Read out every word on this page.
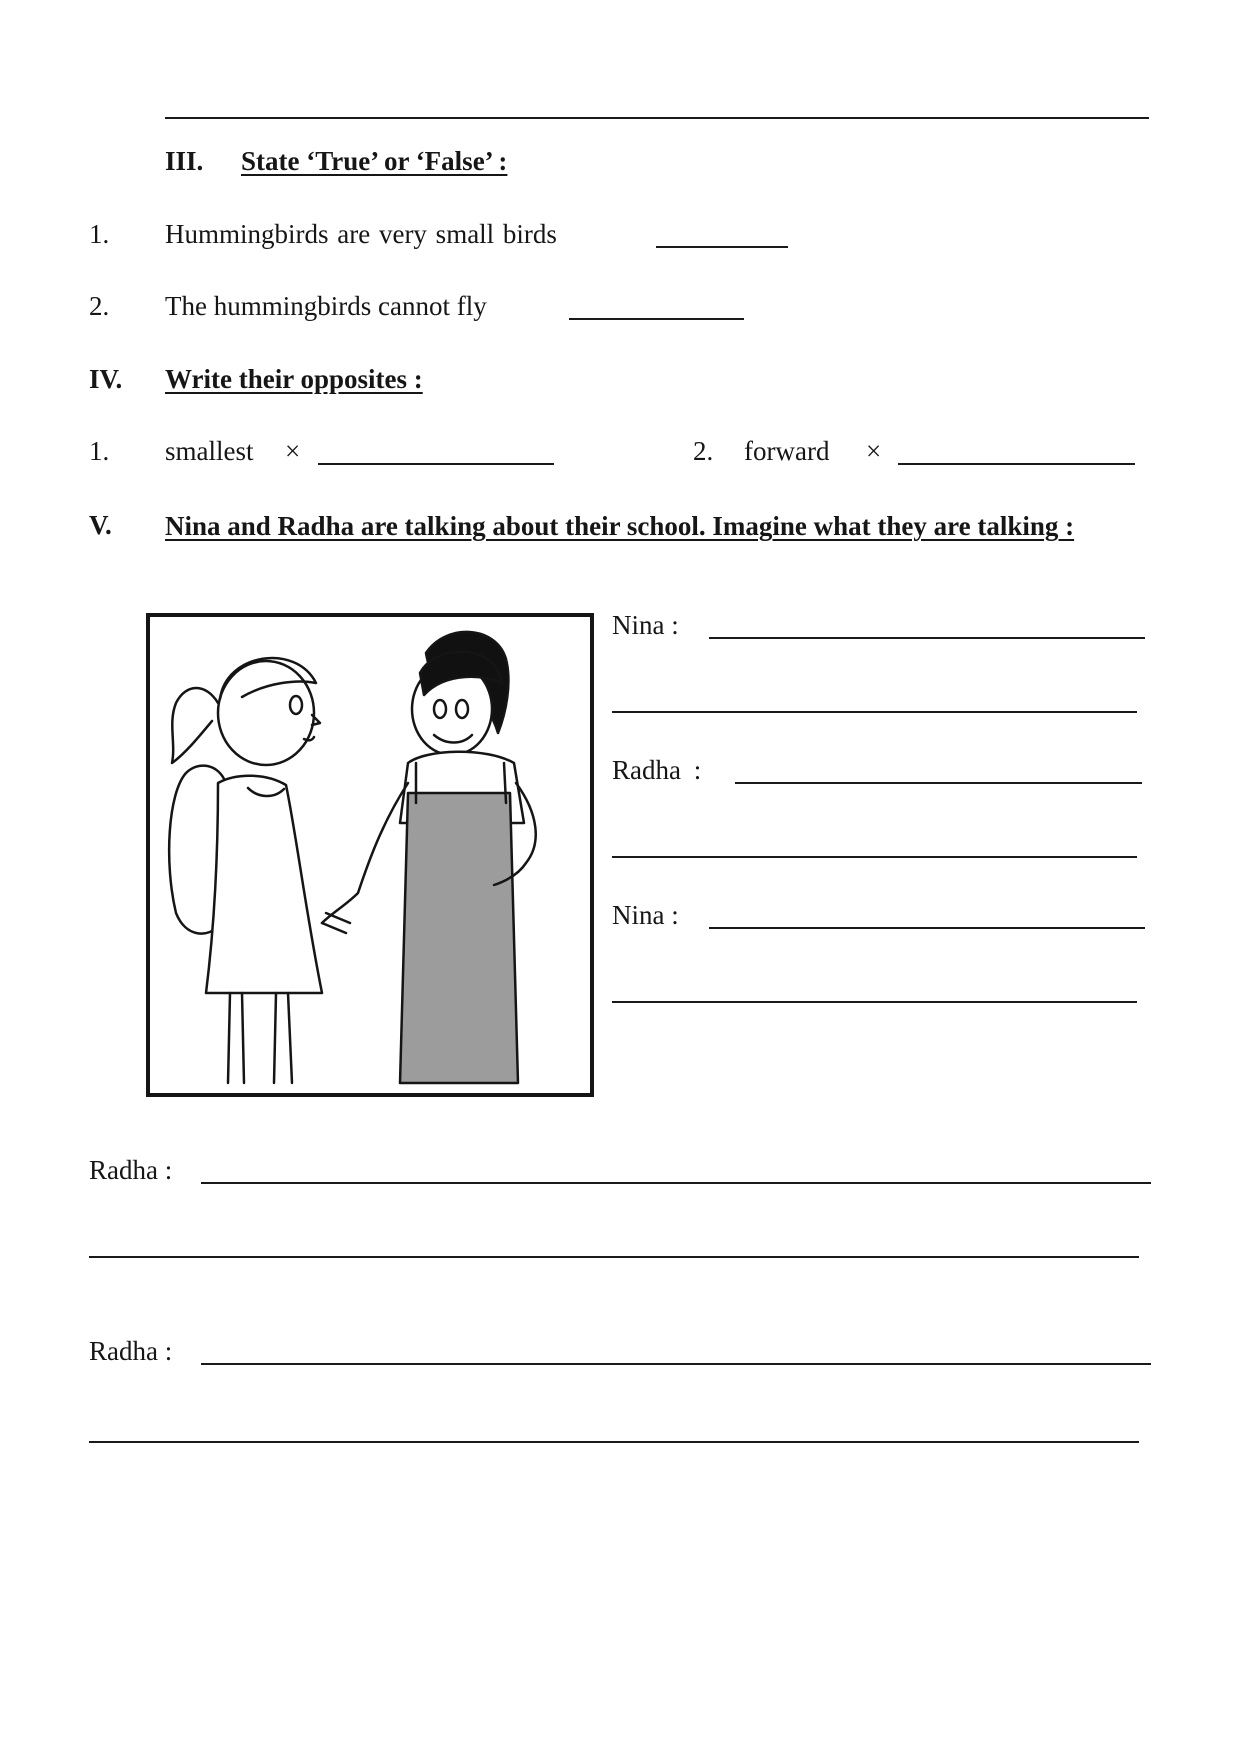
III. State ‘True’ or ‘False’ :
1. Hummingbirds are very small birds
2. The hummingbirds cannot fly
IV. Write their opposites :
1. smallest ×	2. forward ×
V. Nina and Radha are talking about their school. Imagine what they are talking :
Nina :
Radha :
Nina :
Radha :
Radha :
